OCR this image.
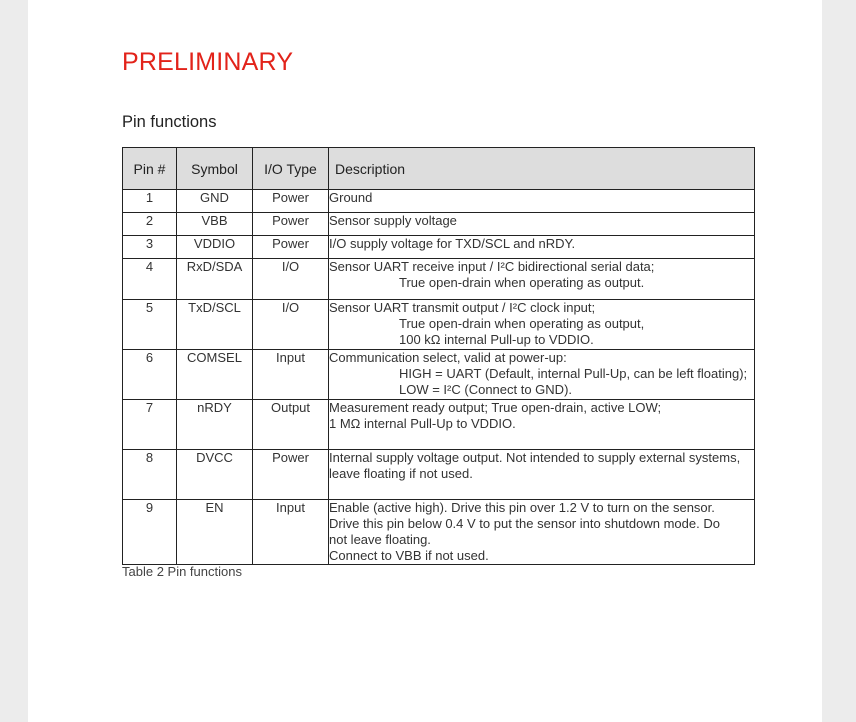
PRELIMINARY
Pin functions
Pin #	Symbol	I/O Type	Description
1	GND	Power	Ground

2	VBB	Power	Sensor supply voltage

3	VDDIO	Power	I/O supply voltage for TXD/SCL and nRDY.

4	RxD/SDA	I/O	Sensor UART receive input / I²C bidirectional serial data;
True open-drain when operating as output.

5	TxD/SCL	I/O	Sensor UART transmit output / I²C clock input;
True open-drain when operating as output,
100 kΩ internal Pull-up to VDDIO.

6	COMSEL	Input	Communication select, valid at power-up:
HIGH = UART (Default, internal Pull-Up, can be left floating);
LOW = I²C (Connect to GND).

7	nRDY	Output	Measurement ready output; True open-drain, active LOW;
1 MΩ internal Pull-Up to VDDIO.

8	DVCC	Power	Internal supply voltage output. Not intended to supply external systems,
leave floating if not used.

9	EN	Input	Enable (active high). Drive this pin over 1.2 V to turn on the sensor.
Drive this pin below 0.4 V to put the sensor into shutdown mode. Do
not leave floating.
Connect to VBB if not used.
Table 2 Pin functions
